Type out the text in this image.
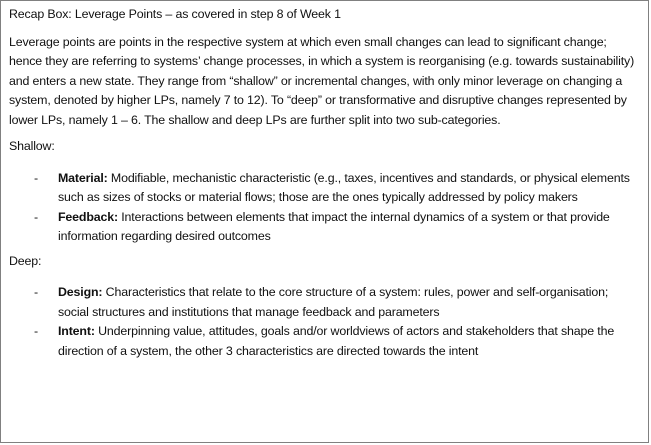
Recap Box: Leverage Points – as covered in step 8 of Week 1
Leverage points are points in the respective system at which even small changes can lead to significant change; hence they are referring to systems’ change processes, in which a system is reorganising (e.g. towards sustainability) and enters a new state. They range from “shallow” or incremental changes, with only minor leverage on changing a system, denoted by higher LPs, namely 7 to 12). To “deep” or transformative and disruptive changes represented by lower LPs, namely 1 – 6. The shallow and deep LPs are further split into two sub-categories.
Shallow:
- Material: Modifiable, mechanistic characteristic (e.g., taxes, incentives and standards, or physical elements such as sizes of stocks or material flows; those are the ones typically addressed by policy makers
- Feedback: Interactions between elements that impact the internal dynamics of a system or that provide information regarding desired outcomes
Deep:
- Design: Characteristics that relate to the core structure of a system: rules, power and self-organisation; social structures and institutions that manage feedback and parameters
- Intent: Underpinning value, attitudes, goals and/or worldviews of actors and stakeholders that shape the direction of a system, the other 3 characteristics are directed towards the intent
